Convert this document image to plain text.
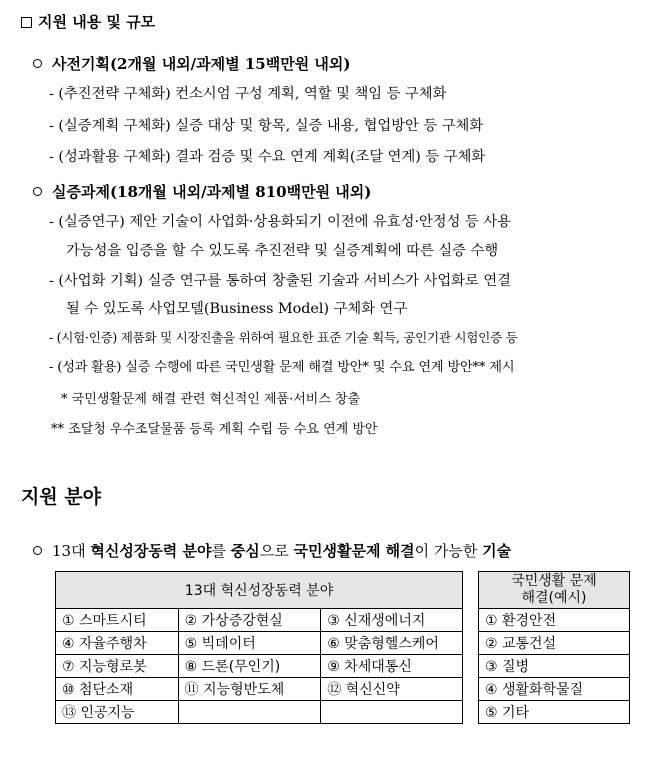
지원 내용 및 규모
사전기획(2개월 내외/과제별 15백만원 내외)
- (추진전략 구체화) 컨소시엄 구성 계획, 역할 및 책임 등 구체화
- (실증계획 구체화) 실증 대상 및 항목, 실증 내용, 협업방안 등 구체화
- (성과활용 구체화) 결과 검증 및 수요 연계 계획(조달 연계) 등 구체화
실증과제(18개월 내외/과제별 810백만원 내외)
- (실증연구) 제안 기술이 사업화·상용화되기 이전에 유효성·안정성 등 사용
가능성을 입증을 할 수 있도록 추진전략 및 실증계획에 따른 실증 수행
- (사업화 기획) 실증 연구를 통하여 창출된 기술과 서비스가 사업화로 연결
될 수 있도록 사업모델(Business Model) 구체화 연구
- (시험·인증) 제품화 및 시장진출을 위하여 필요한 표준 기술 획득, 공인기관 시험인증 등
- (성과 활용) 실증 수행에 따른 국민생활 문제 해결 방안* 및 수요 연계 방안** 제시
* 국민생활문제 해결 관련 혁신적인 제품·서비스 창출
** 조달청 우수조달물품 등록 계획 수립 등 수요 연계 방안
지원 분야
13대 혁신성장동력 분야를 중심으로 국민생활문제 해결이 가능한 기술
13대 혁신성장동력 분야		
① 스마트시티	② 가상증강현실	③ 신재생에너지
④ 자율주행차	⑤ 빅데이터	⑥ 맞춤형헬스케어
⑦ 지능형로봇	⑧ 드론(무인기)	⑨ 차세대통신
⑩ 첨단소재	⑪ 지능형반도체	⑫ 혁신신약
⑬ 인공지능		
국민생활 문제
해결(예시)

① 환경안전
② 교통건설
③ 질병
④ 생활화학물질
⑤ 기타
